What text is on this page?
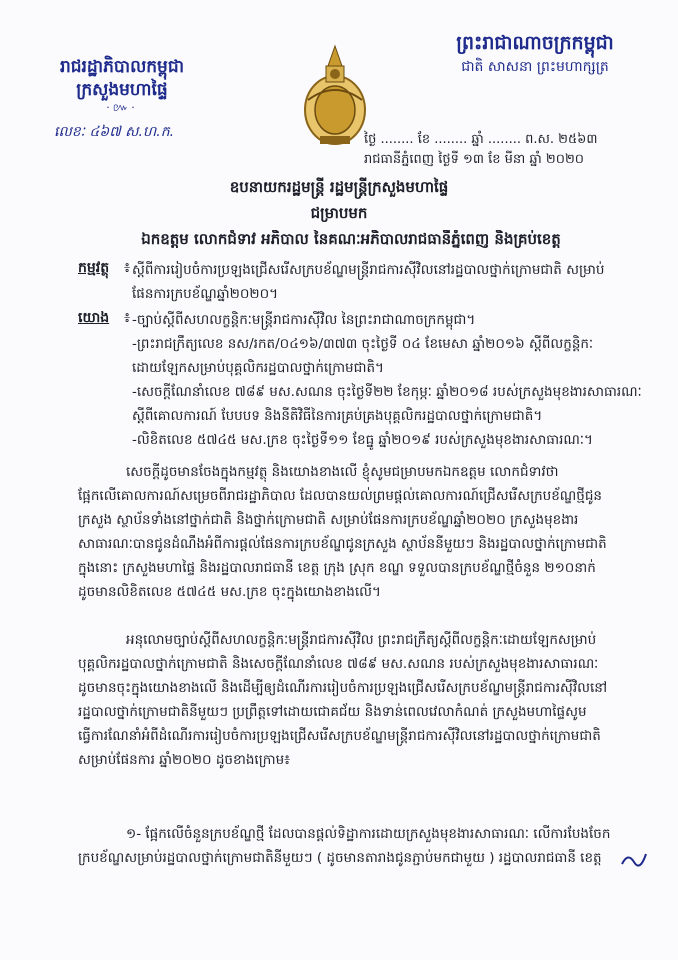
រាជរដ្ឋាភិបាលកម្ពុជា
ក្រសួងមហាផ្ទៃ
·៚·
លេខៈ ៤៦៧ ស.ហ.ក.
ព្រះរាជាណាចក្រកម្ពុជា
ជាតិ សាសនា ព្រះមហាក្សត្រ
ថ្ងៃ ........ ខែ ........ ឆ្នាំ ........ ព.ស. ២៥៦៣
រាជធានីភ្នំពេញ ថ្ងៃទី ១៣ ខែ មីនា ឆ្នាំ ២០២០
ឧបនាយករដ្ឋមន្ត្រី រដ្ឋមន្ត្រីក្រសួងមហាផ្ទៃ
ជម្រាបមក
ឯកឧត្តម លោកជំទាវ អភិបាល នៃគណៈអភិបាលរាជធានីភ្នំពេញ និងគ្រប់ខេត្ត
កម្មវត្ថុ ៖ ស្តីពីការរៀបចំការប្រឡងជ្រើសរើសក្របខ័ណ្ឌមន្ត្រីរាជការស៊ីវិលនៅរដ្ឋបាលថ្នាក់ក្រោមជាតិ សម្រាប់
ផែនការក្របខ័ណ្ឌឆ្នាំ២០២០។
យោង ៖ -ច្បាប់ស្តីពីសហលក្ខន្តិកៈមន្ត្រីរាជការស៊ីវិល នៃព្រះរាជាណាចក្រកម្ពុជា។
-ព្រះរាជក្រឹត្យលេខ នស/រកត/០៤១៦/៣៧៣ ចុះថ្ងៃទី ០៤ ខែមេសា ឆ្នាំ២០១៦ ស្តីពីលក្ខន្តិកៈ
ដោយឡែកសម្រាប់បុគ្គលិករដ្ឋបាលថ្នាក់ក្រោមជាតិ។
-សេចក្តីណែនាំលេខ ៧៨៩ មស.សណន ចុះថ្ងៃទី២២ ខែកុម្ភៈ ឆ្នាំ២០១៨ របស់ក្រសួងមុខងារសាធារណៈ
ស្តីពីគោលការណ៍ បែបបទ និងនីតិវិធីនៃការគ្រប់គ្រងបុគ្គលិករដ្ឋបាលថ្នាក់ក្រោមជាតិ។
-លិខិតលេខ ៥៧៤៥ មស.ក្រខ ចុះថ្ងៃទី១១ ខែធ្នូ ឆ្នាំ២០១៩ របស់ក្រសួងមុខងារសាធារណៈ។
សេចក្តីដូចមានចែងក្នុងកម្មវត្ថុ និងយោងខាងលើ ខ្ញុំសូមជម្រាបមកឯកឧត្តម លោកជំទាវថា
ផ្អែកលើគោលការណ៍សម្រេចពីរាជរដ្ឋាភិបាល ដែលបានយល់ព្រមផ្តល់គោលការណ៍ជ្រើសរើសក្របខ័ណ្ឌថ្មីជូន
ក្រសួង ស្ថាប័នទាំងនៅថ្នាក់ជាតិ និងថ្នាក់ក្រោមជាតិ សម្រាប់ផែនការក្របខ័ណ្ឌឆ្នាំ២០២០ ក្រសួងមុខងារ
សាធារណៈបានជូនដំណឹងអំពីការផ្តល់ផែនការក្របខ័ណ្ឌជូនក្រសួង ស្ថាប័ននីមួយៗ និងរដ្ឋបាលថ្នាក់ក្រោមជាតិ
ក្នុងនោះ ក្រសួងមហាផ្ទៃ និងរដ្ឋបាលរាជធានី ខេត្ត ក្រុង ស្រុក ខណ្ឌ ទទួលបានក្របខ័ណ្ឌថ្មីចំនួន ២១០នាក់
ដូចមានលិខិតលេខ ៥៧៤៥ មស.ក្រខ ចុះក្នុងយោងខាងលើ។
អនុលោមច្បាប់ស្តីពីសហលក្ខន្តិកៈមន្ត្រីរាជការស៊ីវិល ព្រះរាជក្រឹត្យស្តីពីលក្ខន្តិកៈដោយឡែកសម្រាប់
បុគ្គលិករដ្ឋបាលថ្នាក់ក្រោមជាតិ និងសេចក្តីណែនាំលេខ ៧៨៩ មស.សណន របស់ក្រសួងមុខងារសាធារណៈ
ដូចមានចុះក្នុងយោងខាងលើ និងដើម្បីឲ្យដំណើរការរៀបចំការប្រឡងជ្រើសរើសក្របខ័ណ្ឌមន្ត្រីរាជការស៊ីវិលនៅ
រដ្ឋបាលថ្នាក់ក្រោមជាតិនីមួយៗ ប្រព្រឹត្តទៅដោយជោគជ័យ និងទាន់ពេលវេលាកំណត់ ក្រសួងមហាផ្ទៃសូម
ធ្វើការណែនាំអំពីដំណើរការរៀបចំការប្រឡងជ្រើសរើសក្របខ័ណ្ឌមន្ត្រីរាជការស៊ីវិលនៅរដ្ឋបាលថ្នាក់ក្រោមជាតិ
សម្រាប់ផែនការ ឆ្នាំ២០២០ ដូចខាងក្រោម៖
១- ផ្អែកលើចំនួនក្របខ័ណ្ឌថ្មី ដែលបានផ្តល់ទិដ្ឋាការដោយក្រសួងមុខងារសាធារណៈ លើការបែងចែក
ក្របខ័ណ្ឌសម្រាប់រដ្ឋបាលថ្នាក់ក្រោមជាតិនីមួយៗ ( ដូចមានតារាងជូនភ្ជាប់មកជាមួយ ) រដ្ឋបាលរាជធានី ខេត្ត
